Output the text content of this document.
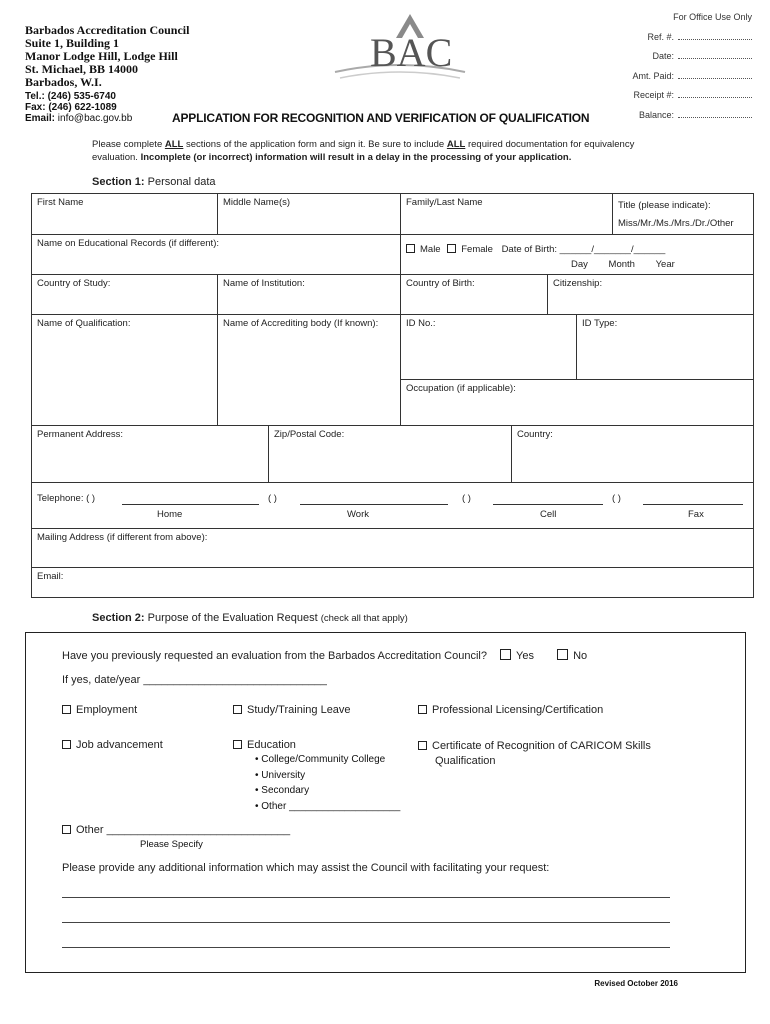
Barbados Accreditation Council
Suite 1, Building 1
Manor Lodge Hill, Lodge Hill
St. Michael, BB 14000
Barbados, W.I.
Tel.: (246) 535-6740
Fax: (246) 622-1089
Email: info@bac.gov.bb
BAC
For Office Use Only
Ref. #.
Date:
Amt. Paid:
Receipt #:
Balance:
APPLICATION FOR RECOGNITION AND VERIFICATION OF QUALIFICATION
Please complete ALL sections of the application form and sign it. Be sure to include ALL required documentation for equivalency evaluation. Incomplete (or incorrect) information will result in a delay in the processing of your application.
Section 1: Personal data
First Name	Middle Name(s)	Family/Last Name	Title (please indicate):
Miss/Mr./Ms./Mrs./Dr./Other
Name on Educational Records (if different):
Male Female Date of Birth: ______/_______/______
Day Month Year
Country of Study:	Name of Institution:	Country of Birth:	Citizenship:
Name of Qualification:	Name of Accrediting body (If known):	ID No.:	ID Type:
Occupation (if applicable):
Permanent Address:	Zip/Postal Code:	Country:
Telephone: ( )	( )	( )	( )
Home	Work	Cell	Fax
Mailing Address (if different from above):
Email:
Section 2: Purpose of the Evaluation Request (check all that apply)
Have you previously requested an evaluation from the Barbados Accreditation Council?	Yes	No
If yes, date/year ______________________________
Employment	Study/Training Leave	Professional Licensing/Certification
Job advancement	Education	Certificate of Recognition of CARICOM Skills
Qualification
• College/Community College
• University
• Secondary
• Other ____________________
Other ______________________________
Please Specify
Please provide any additional information which may assist the Council with facilitating your request:
Revised October 2016
